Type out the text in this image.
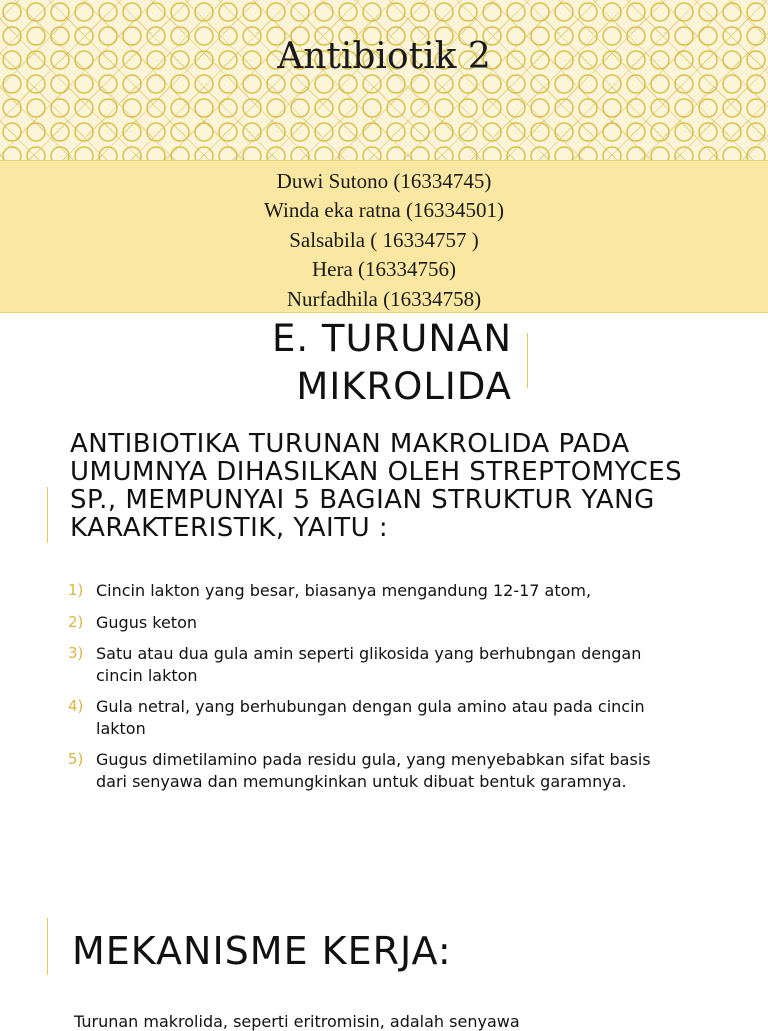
Antibiotik 2
Duwi Sutono (16334745)
Winda eka ratna (16334501)
Salsabila ( 16334757 )
Hera (16334756)
Nurfadhila (16334758)
E. TURUNAN
MIKROLIDA
ANTIBIOTIKA TURUNAN MAKROLIDA PADA UMUMNYA DIHASILKAN OLEH STREPTOMYCES SP., MEMPUNYAI 5 BAGIAN STRUKTUR YANG KARAKTERISTIK, YAITU :
1) Cincin lakton yang besar, biasanya mengandung 12-17 atom,
2) Gugus keton
3) Satu atau dua gula amin seperti glikosida yang berhubngan dengan cincin lakton
4) Gula netral, yang berhubungan dengan gula amino atau pada cincin lakton
5) Gugus dimetilamino pada residu gula, yang menyebabkan sifat basis dari senyawa dan memungkinkan untuk dibuat bentuk garamnya.
MEKANISME KERJA:
Turunan makrolida, seperti eritromisin, adalah senyawa
